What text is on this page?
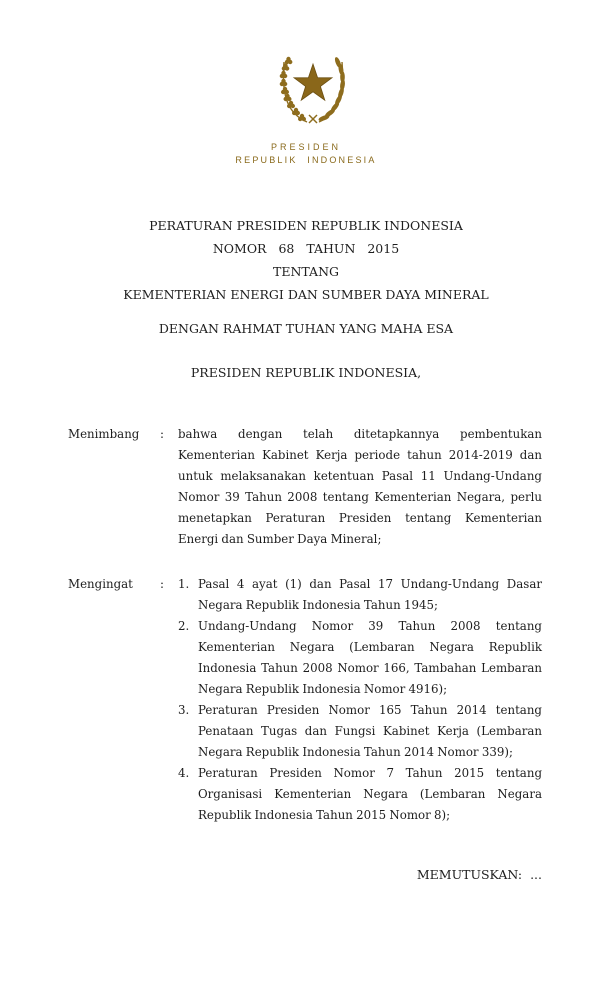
PRESIDEN
REPUBLIK INDONESIA
PERATURAN PRESIDEN REPUBLIK INDONESIA
NOMOR 68 TAHUN 2015
TENTANG
KEMENTERIAN ENERGI DAN SUMBER DAYA MINERAL
DENGAN RAHMAT TUHAN YANG MAHA ESA
PRESIDEN REPUBLIK INDONESIA,
Menimbang	:	bahwa dengan telah ditetapkannya pembentukan Kementerian Kabinet Kerja periode tahun 2014-2019 dan untuk melaksanakan ketentuan Pasal 11 Undang-Undang Nomor 39 Tahun 2008 tentang Kementerian Negara, perlu menetapkan Peraturan Presiden tentang Kementerian Energi dan Sumber Daya Mineral;

Mengingat	:	1. Pasal 4 ayat (1) dan Pasal 17 Undang-Undang Dasar Negara Republik Indonesia Tahun 1945;

2. Undang-Undang Nomor 39 Tahun 2008 tentang Kementerian Negara (Lembaran Negara Republik Indonesia Tahun 2008 Nomor 166, Tambahan Lembaran Negara Republik Indonesia Nomor 4916);

3. Peraturan Presiden Nomor 165 Tahun 2014 tentang Penataan Tugas dan Fungsi Kabinet Kerja (Lembaran Negara Republik Indonesia Tahun 2014 Nomor 339);

4. Peraturan Presiden Nomor 7 Tahun 2015 tentang Organisasi Kementerian Negara (Lembaran Negara Republik Indonesia Tahun 2015 Nomor 8);

MEMUTUSKAN: ...
